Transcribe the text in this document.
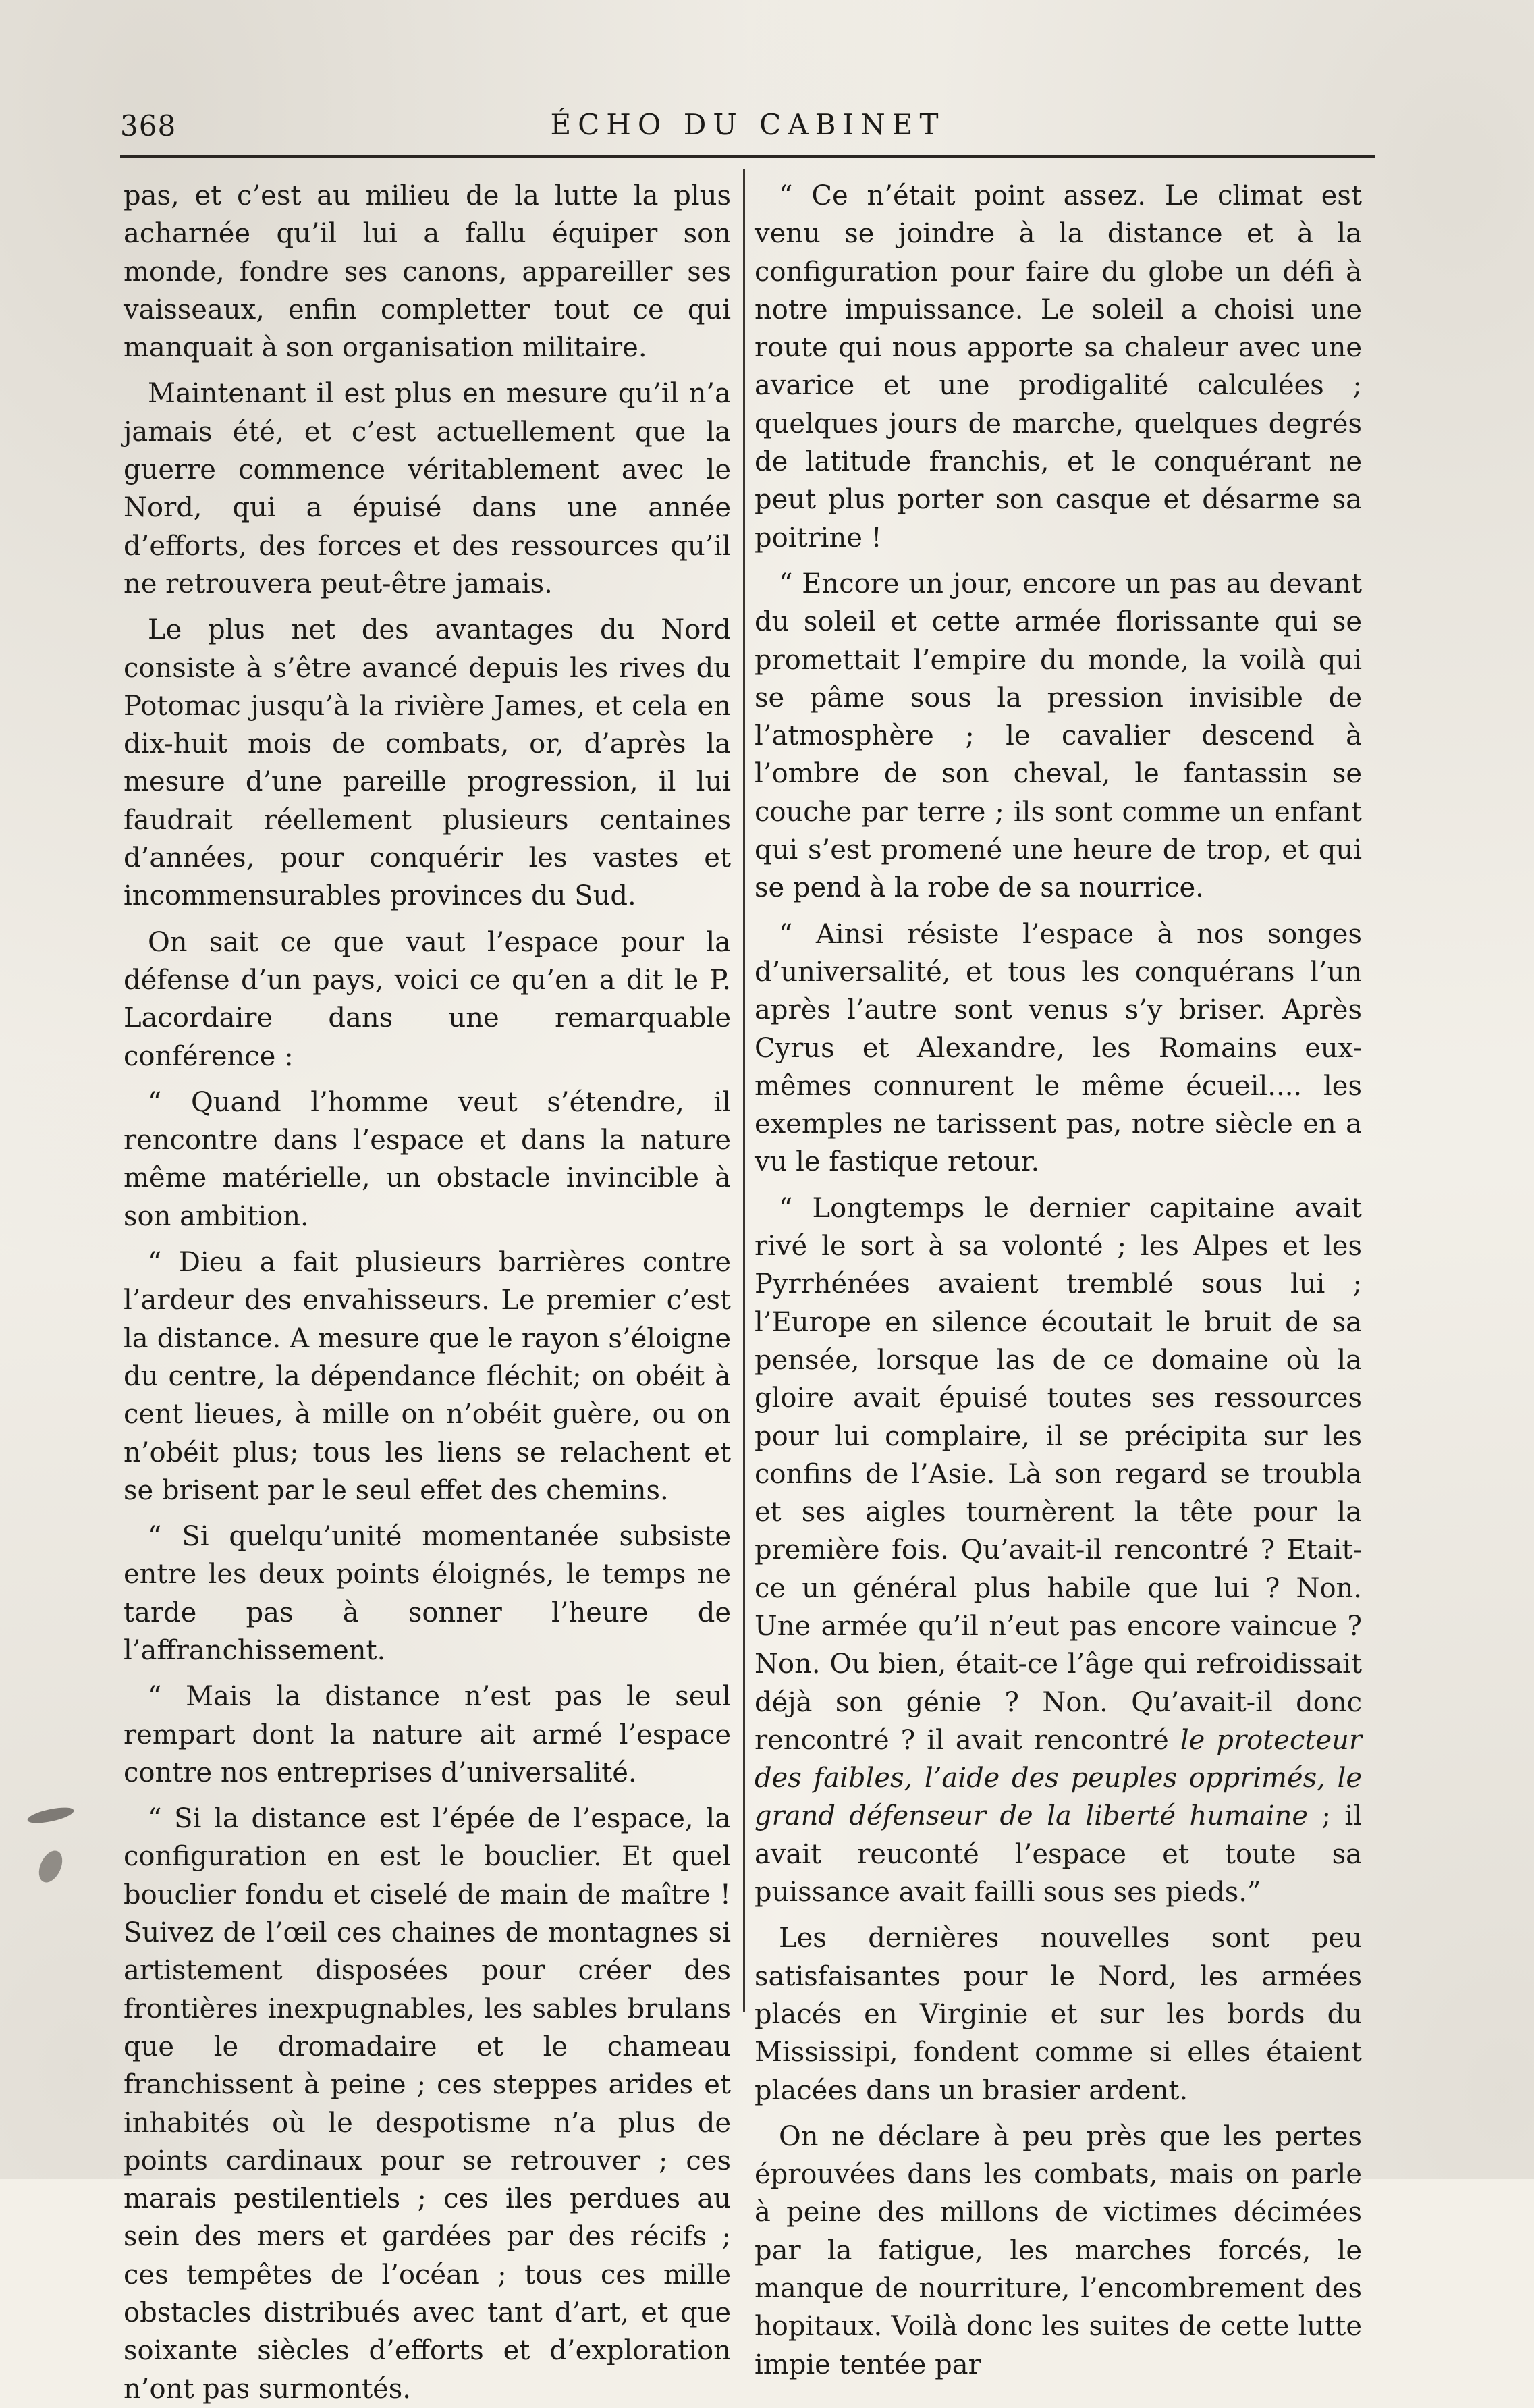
368	ÉCHO DU CABINET

pas, et c’est au milieu de la lutte la plus acharnée qu’il lui a fallu équiper son monde, fondre ses canons, appareiller ses vaisseaux, enfin completter tout ce qui manquait à son organisation militaire.

Maintenant il est plus en mesure qu’il n’a jamais été, et c’est actuellement que la guerre commence véritablement avec le Nord, qui a épuisé dans une année d’efforts, des forces et des ressources qu’il ne retrouvera peut-être jamais.

Le plus net des avantages du Nord consiste à s’être avancé depuis les rives du Potomac jusqu’à la rivière James, et cela en dix-huit mois de combats, or, d’après la mesure d’une pareille progression, il lui faudrait réellement plusieurs centaines d’années, pour conquérir les vastes et incommensurables provinces du Sud.

On sait ce que vaut l’espace pour la défense d’un pays, voici ce qu’en a dit le P. Lacordaire dans une remarquable conférence :

“ Quand l’homme veut s’étendre, il rencontre dans l’espace et dans la nature même matérielle, un obstacle invincible à son ambition.

“ Dieu a fait plusieurs barrières contre l’ardeur des envahisseurs. Le premier c’est la distance. A mesure que le rayon s’éloigne du centre, la dépendance fléchit; on obéit à cent lieues, à mille on n’obéit guère, ou on n’obéit plus; tous les liens se relachent et se brisent par le seul effet des chemins.

“ Si quelqu’unité momentanée subsiste entre les deux points éloignés, le temps ne tarde pas à sonner l’heure de l’affranchissement.

“ Mais la distance n’est pas le seul rempart dont la nature ait armé l’espace contre nos entreprises d’universalité.

“ Si la distance est l’épée de l’espace, la configuration en est le bouclier. Et quel bouclier fondu et ciselé de main de maître ! Suivez de l’œil ces chaines de montagnes si artistement disposées pour créer des frontières inexpugnables, les sables brulans que le dromadaire et le chameau franchissent à peine ; ces steppes arides et inhabités où le despotisme n’a plus de points cardinaux pour se retrouver ; ces marais pestilentiels ; ces iles perdues au sein des mers et gardées par des récifs ; ces tempêtes de l’océan ; tous ces mille obstacles distribués avec tant d’art, et que soixante siècles d’efforts et d’exploration n’ont pas surmontés.

“ Ce n’était point assez. Le climat est venu se joindre à la distance et à la configuration pour faire du globe un défi à notre impuissance. Le soleil a choisi une route qui nous apporte sa chaleur avec une avarice et une prodigalité calculées ; quelques jours de marche, quelques degrés de latitude franchis, et le conquérant ne peut plus porter son casque et désarme sa poitrine !

“ Encore un jour, encore un pas au devant du soleil et cette armée florissante qui se promettait l’empire du monde, la voilà qui se pâme sous la pression invisible de l’atmosphère ; le cavalier descend à l’ombre de son cheval, le fantassin se couche par terre ; ils sont comme un enfant qui s’est promené une heure de trop, et qui se pend à la robe de sa nourrice.

“ Ainsi résiste l’espace à nos songes d’universalité, et tous les conquérans l’un après l’autre sont venus s’y briser. Après Cyrus et Alexandre, les Romains eux-mêmes connurent le même écueil.... les exemples ne tarissent pas, notre siècle en a vu le fastique retour.

“ Longtemps le dernier capitaine avait rivé le sort à sa volonté ; les Alpes et les Pyrrhénées avaient tremblé sous lui ; l’Europe en silence écoutait le bruit de sa pensée, lorsque las de ce domaine où la gloire avait épuisé toutes ses ressources pour lui complaire, il se précipita sur les confins de l’Asie. Là son regard se troubla et ses aigles tournèrent la tête pour la première fois. Qu’avait-il rencontré ? Etait-ce un général plus habile que lui ? Non. Une armée qu’il n’eut pas encore vaincue ? Non. Ou bien, était-ce l’âge qui refroidissait déjà son génie ? Non. Qu’avait-il donc rencontré ? il avait rencontré le protecteur des faibles, l’aide des peuples opprimés, le grand défenseur de la liberté humaine ; il avait reuconté l’espace et toute sa puissance avait failli sous ses pieds.”

Les dernières nouvelles sont peu satisfaisantes pour le Nord, les armées placés en Virginie et sur les bords du Mississipi, fondent comme si elles étaient placées dans un brasier ardent.

On ne déclare à peu près que les pertes éprouvées dans les combats, mais on parle à peine des millons de victimes décimées par la fatigue, les marches forcés, le manque de nourriture, l’encombrement des hopitaux. Voilà donc les suites de cette lutte impie tentée par
